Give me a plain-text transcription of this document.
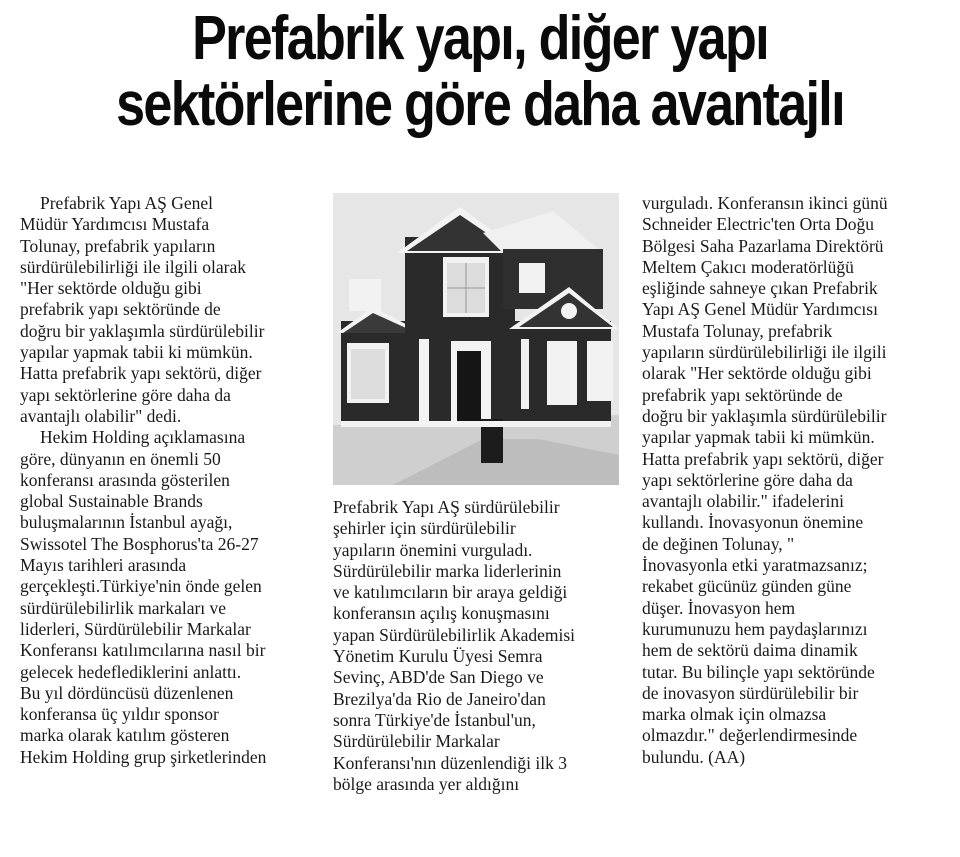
Prefabrik yapı, diğer yapı
sektörlerine göre daha avantajlı
Prefabrik Yapı AŞ Genel
Müdür Yardımcısı Mustafa
Tolunay, prefabrik yapıların
sürdürülebilirliği ile ilgili olarak
"Her sektörde olduğu gibi
prefabrik yapı sektöründe de
doğru bir yaklaşımla sürdürülebilir
yapılar yapmak tabii ki mümkün.
Hatta prefabrik yapı sektörü, diğer
yapı sektörlerine göre daha da
avantajlı olabilir" dedi.
Hekim Holding açıklamasına
göre, dünyanın en önemli 50
konferansı arasında gösterilen
global Sustainable Brands
buluşmalarının İstanbul ayağı,
Swissotel The Bosphorus'ta 26-27
Mayıs tarihleri arasında
gerçekleşti.Türkiye'nin önde gelen
sürdürülebilirlik markaları ve
liderleri, Sürdürülebilir Markalar
Konferansı katılımcılarına nasıl bir
gelecek hedeflediklerini anlattı.
Bu yıl dördüncüsü düzenlenen
konferansa üç yıldır sponsor
marka olarak katılım gösteren
Hekim Holding grup şirketlerinden
Prefabrik Yapı AŞ sürdürülebilir
şehirler için sürdürülebilir
yapıların önemini vurguladı.
Sürdürülebilir marka liderlerinin
ve katılımcıların bir araya geldiği
konferansın açılış konuşmasını
yapan Sürdürülebilirlik Akademisi
Yönetim Kurulu Üyesi Semra
Sevinç, ABD'de San Diego ve
Brezilya'da Rio de Janeiro'dan
sonra Türkiye'de İstanbul'un,
Sürdürülebilir Markalar
Konferansı'nın düzenlendiği ilk 3
bölge arasında yer aldığını
vurguladı. Konferansın ikinci günü
Schneider Electric'ten Orta Doğu
Bölgesi Saha Pazarlama Direktörü
Meltem Çakıcı moderatörlüğü
eşliğinde sahneye çıkan Prefabrik
Yapı AŞ Genel Müdür Yardımcısı
Mustafa Tolunay, prefabrik
yapıların sürdürülebilirliği ile ilgili
olarak "Her sektörde olduğu gibi
prefabrik yapı sektöründe de
doğru bir yaklaşımla sürdürülebilir
yapılar yapmak tabii ki mümkün.
Hatta prefabrik yapı sektörü, diğer
yapı sektörlerine göre daha da
avantajlı olabilir." ifadelerini
kullandı. İnovasyonun önemine
de değinen Tolunay, "
İnovasyonla etki yaratmazsanız;
rekabet gücünüz günden güne
düşer. İnovasyon hem
kurumunuzu hem paydaşlarınızı
hem de sektörü daima dinamik
tutar. Bu bilinçle yapı sektöründe
de inovasyon sürdürülebilir bir
marka olmak için olmazsa
olmazdır." değerlendirmesinde
bulundu. (AA)
